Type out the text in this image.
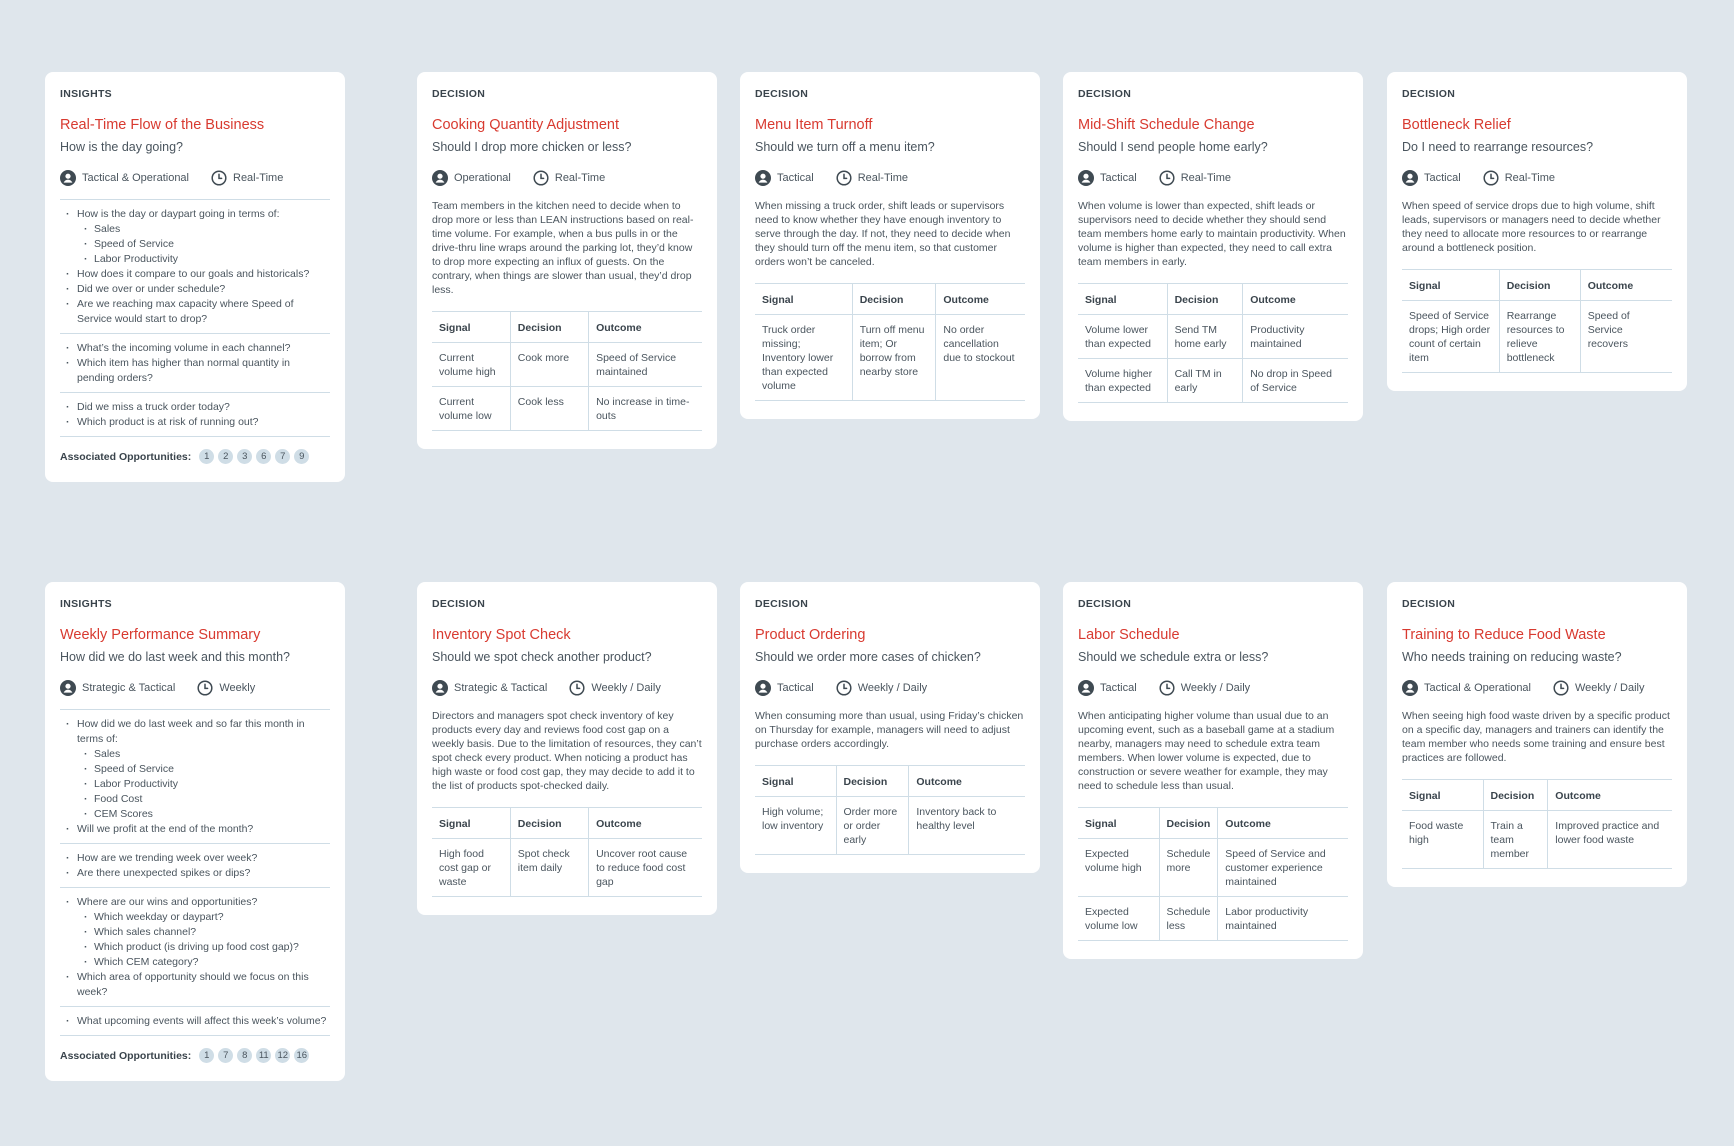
INSIGHTS
Real-Time Flow of the Business
How is the day going?
Tactical & Operational	Real-Time
· How is the day or daypart going in terms of:
· Sales
· Speed of Service
· Labor Productivity
· How does it compare to our goals and historicals?
· Did we over or under schedule?
· Are we reaching max capacity where Speed of Service would start to drop?
· What’s the incoming volume in each channel?
· Which item has higher than normal quantity in pending orders?
· Did we miss a truck order today?
· Which product is at risk of running out?
Associated Opportunities:	1	2	3	6	7	9
DECISION
Cooking Quantity Adjustment
Should I drop more chicken or less?
Operational	Real-Time
Team members in the kitchen need to decide when to drop more or less than LEAN instructions based on real-time volume. For example, when a bus pulls in or the drive-thru line wraps around the parking lot, they’d know to drop more expecting an influx of guests. On the contrary, when things are slower than usual, they’d drop less.
Signal	Decision	Outcome
Current volume high	Cook more	Speed of Service maintained
Current volume low	Cook less	No increase in time-outs
DECISION
Menu Item Turnoff
Should we turn off a menu item?
Tactical	Real-Time
When missing a truck order, shift leads or supervisors need to know whether they have enough inventory to serve through the day. If not, they need to decide when they should turn off the menu item, so that customer orders won’t be canceled.
Signal	Decision	Outcome
Truck order missing; Inventory lower than expected volume	Turn off menu item; Or borrow from nearby store	No order cancellation due to stockout
DECISION
Mid-Shift Schedule Change
Should I send people home early?
Tactical	Real-Time
When volume is lower than expected, shift leads or supervisors need to decide whether they should send team members home early to maintain productivity. When volume is higher than expected, they need to call extra team members in early.
Signal	Decision	Outcome
Volume lower than expected	Send TM home early	Productivity maintained
Volume higher than expected	Call TM in early	No drop in Speed of Service
DECISION
Bottleneck Relief
Do I need to rearrange resources?
Tactical	Real-Time
When speed of service drops due to high volume, shift leads, supervisors or managers need to decide whether they need to allocate more resources to or rearrange around a bottleneck position.
Signal	Decision	Outcome
Speed of Service drops; High order count of certain item	Rearrange resources to relieve bottleneck	Speed of Service recovers
INSIGHTS
Weekly Performance Summary
How did we do last week and this month?
Strategic & Tactical	Weekly
· How did we do last week and so far this month in terms of:
· Sales
· Speed of Service
· Labor Productivity
· Food Cost
· CEM Scores
· Will we profit at the end of the month?
· How are we trending week over week?
· Are there unexpected spikes or dips?
· Where are our wins and opportunities?
· Which weekday or daypart?
· Which sales channel?
· Which product (is driving up food cost gap)?
· Which CEM category?
· Which area of opportunity should we focus on this week?
· What upcoming events will affect this week’s volume?
Associated Opportunities:	1	7	8	11 12 16
DECISION
Inventory Spot Check
Should we spot check another product?
Strategic & Tactical	Weekly / Daily
Directors and managers spot check inventory of key products every day and reviews food cost gap on a weekly basis. Due to the limitation of resources, they can’t spot check every product. When noticing a product has high waste or food cost gap, they may decide to add it to the list of products spot-checked daily.
Signal	Decision	Outcome
High food cost gap or waste	Spot check item daily	Uncover root cause to reduce food cost gap
DECISION
Product Ordering
Should we order more cases of chicken?
Tactical	Weekly / Daily
When consuming more than usual, using Friday’s chicken on Thursday for example, managers will need to adjust purchase orders accordingly.
Signal	Decision	Outcome
High volume; low inventory	Order more or order early	Inventory back to healthy level
DECISION
Labor Schedule
Should we schedule extra or less?
Tactical	Weekly / Daily
When anticipating higher volume than usual due to an upcoming event, such as a baseball game at a stadium nearby, managers may need to schedule extra team members. When lower volume is expected, due to construction or severe weather for example, they may need to schedule less than usual.
Signal	Decision	Outcome
Expected volume high	Schedule more	Speed of Service and customer experience maintained
Expected volume low	Schedule less	Labor productivity maintained
DECISION
Training to Reduce Food Waste
Who needs training on reducing waste?
Tactical & Operational	Weekly / Daily
When seeing high food waste driven by a specific product on a specific day, managers and trainers can identify the team member who needs some training and ensure best practices are followed.
Signal	Decision	Outcome
Food waste high	Train a team member	Improved practice and lower food waste
